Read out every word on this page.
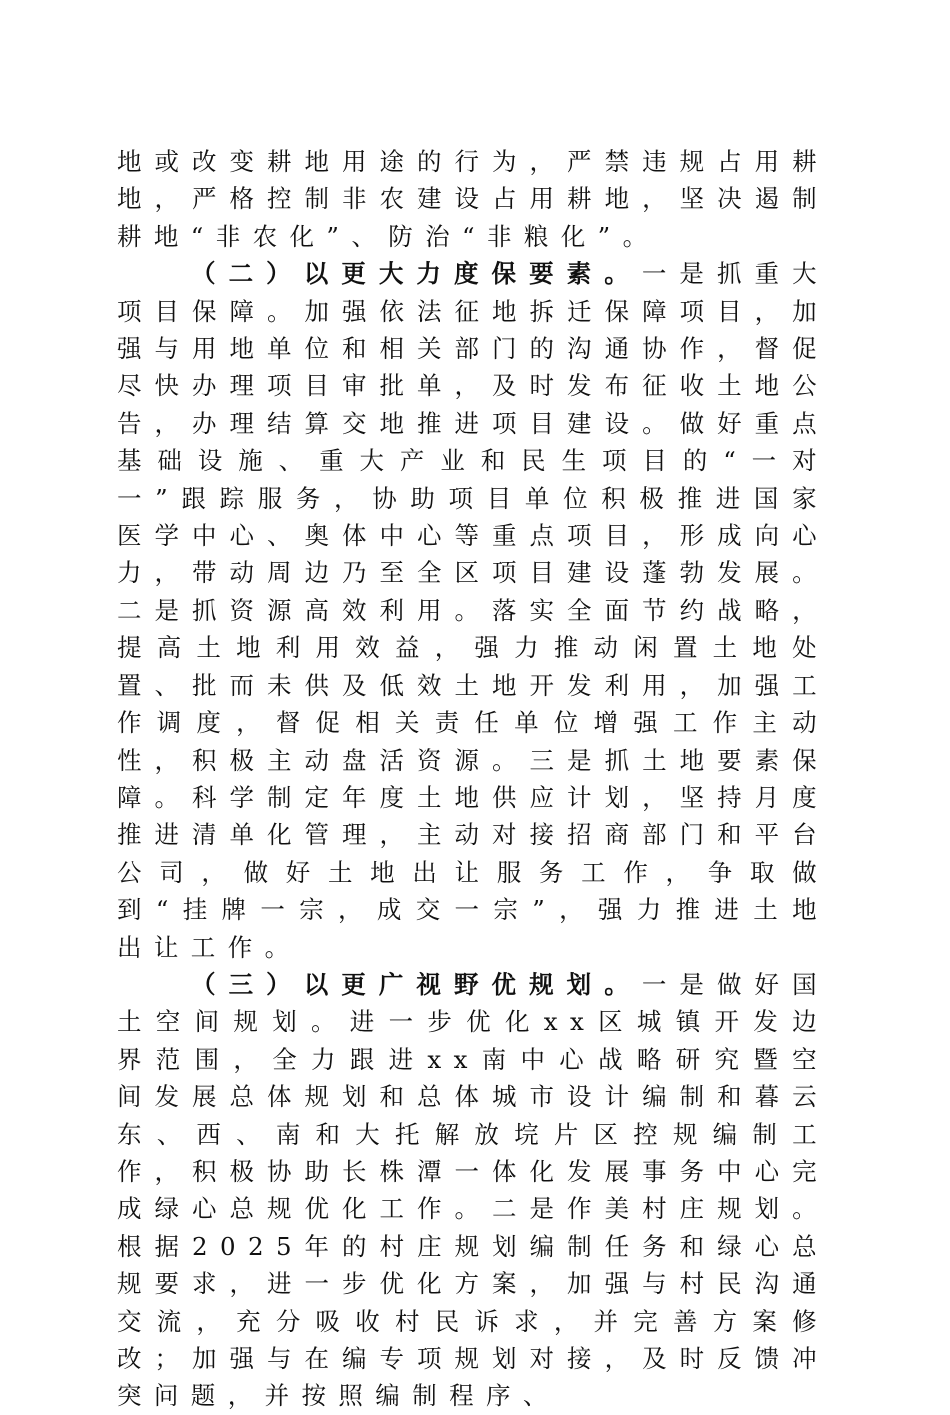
地或改变耕地用途的行为，严禁违规占用耕地，严格控制非农建设占用耕地，坚决遏制耕地“非农化”、防治“非粮化”。

（二）以更大力度保要素。一是抓重大项目保障。加强依法征地拆迁保障项目，加强与用地单位和相关部门的沟通协作，督促尽快办理项目审批单，及时发布征收土地公告，办理结算交地推进项目建设。做好重点基础设施、重大产业和民生项目的“一对一”跟踪服务，协助项目单位积极推进国家医学中心、奥体中心等重点项目，形成向心力，带动周边乃至全区项目建设蓬勃发展。二是抓资源高效利用。落实全面节约战略，提高土地利用效益，强力推动闲置土地处置、批而未供及低效土地开发利用，加强工作调度，督促相关责任单位增强工作主动性，积极主动盘活资源。三是抓土地要素保障。科学制定年度土地供应计划，坚持月度推进清单化管理，主动对接招商部门和平台公司，做好土地出让服务工作，争取做到“挂牌一宗，成交一宗”，强力推进土地出让工作。

（三）以更广视野优规划。一是做好国土空间规划。进一步优化xx区城镇开发边界范围，全力跟进xx南中心战略研究暨空间发展总体规划和总体城市设计编制和暮云东、西、南和大托解放垸片区控规编制工作，积极协助长株潭一体化发展事务中心完成绿心总规优化工作。二是作美村庄规划。根据2025年的村庄规划编制任务和绿心总规要求，进一步优化方案，加强与村民沟通交流，充分吸收村民诉求，并完善方案修改；加强与在编专项规划对接，及时反馈冲突问题，并按照编制程序、
